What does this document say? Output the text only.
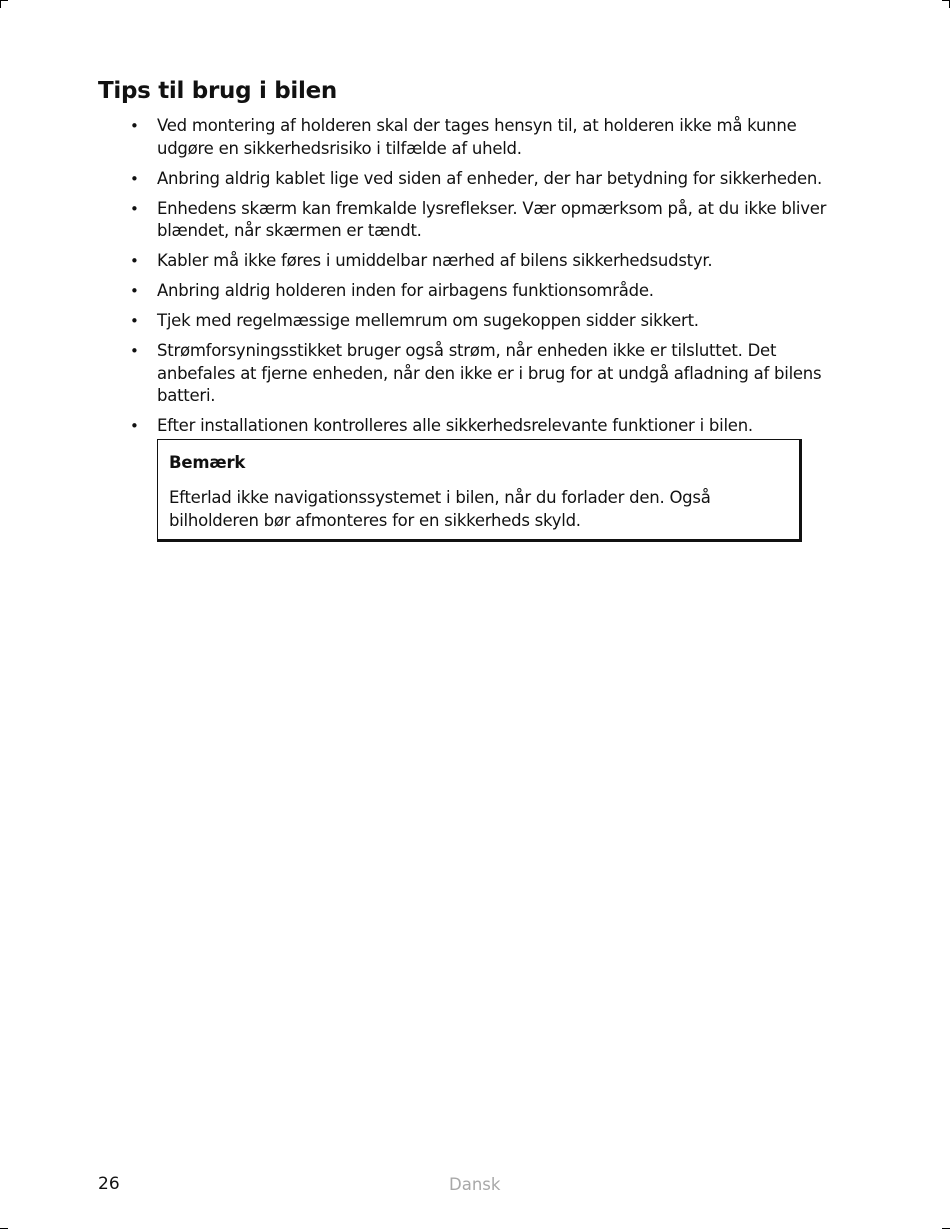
Tips til brug i bilen
• Ved montering af holderen skal der tages hensyn til, at holderen ikke må kunne udgøre en sikkerhedsrisiko i tilfælde af uheld.
• Anbring aldrig kablet lige ved siden af enheder, der har betydning for sikkerheden.
• Enhedens skærm kan fremkalde lysreflekser. Vær opmærksom på, at du ikke bliver blændet, når skærmen er tændt.
• Kabler må ikke føres i umiddelbar nærhed af bilens sikkerhedsudstyr.
• Anbring aldrig holderen inden for airbagens funktionsområde.
• Tjek med regelmæssige mellemrum om sugekoppen sidder sikkert.
• Strømforsyningsstikket bruger også strøm, når enheden ikke er tilsluttet. Det anbefales at fjerne enheden, når den ikke er i brug for at undgå afladning af bilens batteri.
• Efter installationen kontrolleres alle sikkerhedsrelevante funktioner i bilen.
Bemærk
Efterlad ikke navigationssystemet i bilen, når du forlader den. Også bilholderen bør afmonteres for en sikkerheds skyld.
26	Dansk
